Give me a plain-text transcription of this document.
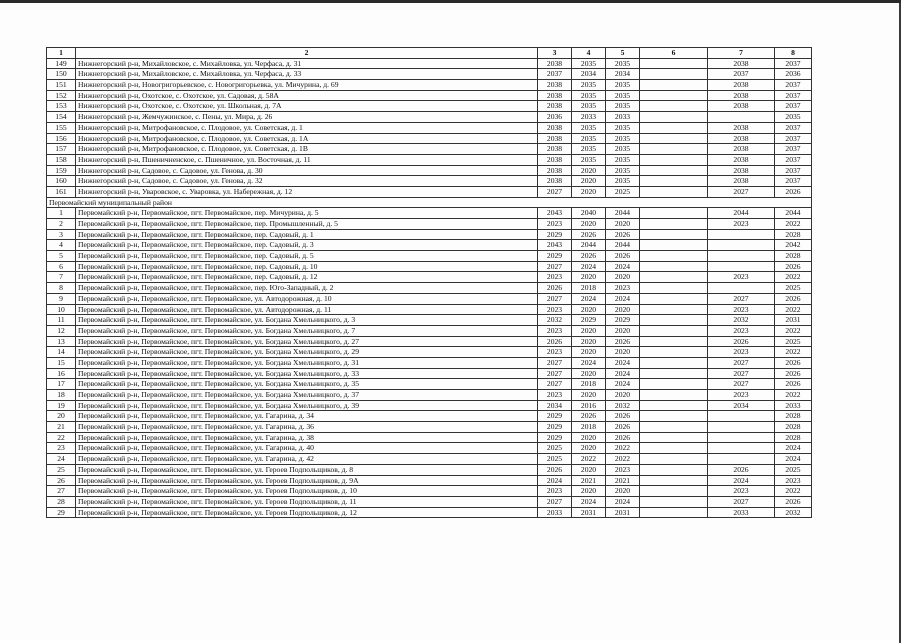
1	2	3	4	5	6	7	8
149	Нижнегорский р-н, Михайловское, с. Михайловка, ул. Черфаса, д. 31	2038	2035	2035		2038	2037
150	Нижнегорский р-н, Михайловское, с. Михайловка, ул. Черфаса, д. 33	2037	2034	2034		2037	2036
151	Нижнегорский р-н, Новогригорьевское, с. Новогригорьевка, ул. Мичурина, д. 69	2038	2035	2035		2038	2037
152	Нижнегорский р-н, Охотское, с. Охотское, ул. Садовая, д. 58А	2038	2035	2035		2038	2037
153	Нижнегорский р-н, Охотское, с. Охотское, ул. Школьная, д. 7А	2038	2035	2035		2038	2037
154	Нижнегорский р-н, Жемчужинское, с. Пены, ул. Мира, д. 26	2036	2033	2033			2035
155	Нижнегорский р-н, Митрофановское, с. Плодовое, ул. Советская, д. 1	2038	2035	2035		2038	2037
156	Нижнегорский р-н, Митрофановское, с. Плодовое, ул. Советская, д. 1А	2038	2035	2035		2038	2037
157	Нижнегорский р-н, Митрофановское, с. Плодовое, ул. Советская, д. 1В	2038	2035	2035		2038	2037
158	Нижнегорский р-н, Пшеничненское, с. Пшеничное, ул. Восточная, д. 11	2038	2035	2035		2038	2037
159	Нижнегорский р-н, Садовое, с. Садовое, ул. Генова, д. 30	2038	2020	2035		2038	2037
160	Нижнегорский р-н, Садовое, с. Садовое, ул. Генова, д. 32	2038	2020	2035		2038	2037
161	Нижнегорский р-н, Уваровское, с. Уваровка, ул. Набережная, д. 12	2027	2020	2025		2027	2026
Первомайский муниципальный район							
1	Первомайский р-н, Первомайское, пгт. Первомайское, пер. Мичурина, д. 5	2043	2040	2044		2044	2044
2	Первомайский р-н, Первомайское, пгт. Первомайское, пер. Промышленный, д. 5	2023	2020	2020		2023	2022
3	Первомайский р-н, Первомайское, пгт. Первомайское, пер. Садовый, д. 1	2029	2026	2026			2028
4	Первомайский р-н, Первомайское, пгт. Первомайское, пер. Садовый, д. 3	2043	2044	2044			2042
5	Первомайский р-н, Первомайское, пгт. Первомайское, пер. Садовый, д. 5	2029	2026	2026			2028
6	Первомайский р-н, Первомайское, пгт. Первомайское, пер. Садовый, д. 10	2027	2024	2024			2026
7	Первомайский р-н, Первомайское, пгт. Первомайское, пер. Садовый, д. 12	2023	2020	2020		2023	2022
8	Первомайский р-н, Первомайское, пгт. Первомайское, пер. Юго-Западный, д. 2	2026	2018	2023			2025
9	Первомайский р-н, Первомайское, пгт. Первомайское, ул. Автодорожная, д. 10	2027	2024	2024		2027	2026
10	Первомайский р-н, Первомайское, пгт. Первомайское, ул. Автодорожная, д. 11	2023	2020	2020		2023	2022
11	Первомайский р-н, Первомайское, пгт. Первомайское, ул. Богдана Хмельницкого, д. 3	2032	2029	2029		2032	2031
12	Первомайский р-н, Первомайское, пгт. Первомайское, ул. Богдана Хмельницкого, д. 7	2023	2020	2020		2023	2022
13	Первомайский р-н, Первомайское, пгт. Первомайское, ул. Богдана Хмельницкого, д. 27	2026	2020	2026		2026	2025
14	Первомайский р-н, Первомайское, пгт. Первомайское, ул. Богдана Хмельницкого, д. 29	2023	2020	2020		2023	2022
15	Первомайский р-н, Первомайское, пгт. Первомайское, ул. Богдана Хмельницкого, д. 31	2027	2024	2024		2027	2026
16	Первомайский р-н, Первомайское, пгт. Первомайское, ул. Богдана Хмельницкого, д. 33	2027	2020	2024		2027	2026
17	Первомайский р-н, Первомайское, пгт. Первомайское, ул. Богдана Хмельницкого, д. 35	2027	2018	2024		2027	2026
18	Первомайский р-н, Первомайское, пгт. Первомайское, ул. Богдана Хмельницкого, д. 37	2023	2020	2020		2023	2022
19	Первомайский р-н, Первомайское, пгт. Первомайское, ул. Богдана Хмельницкого, д. 39	2034	2016	2032		2034	2033
20	Первомайский р-н, Первомайское, пгт. Первомайское, ул. Гагарина, д. 34	2029	2026	2026			2028
21	Первомайский р-н, Первомайское, пгт. Первомайское, ул. Гагарина, д. 36	2029	2018	2026			2028
22	Первомайский р-н, Первомайское, пгт. Первомайское, ул. Гагарина, д. 38	2029	2020	2026			2028
23	Первомайский р-н, Первомайское, пгт. Первомайское, ул. Гагарина, д. 40	2025	2020	2022			2024
24	Первомайский р-н, Первомайское, пгт. Первомайское, ул. Гагарина, д. 42	2025	2022	2022			2024
25	Первомайский р-н, Первомайское, пгт. Первомайское, ул. Героев Подпольщиков, д. 8	2026	2020	2023		2026	2025
26	Первомайский р-н, Первомайское, пгт. Первомайское, ул. Героев Подпольщиков, д. 9А	2024	2021	2021		2024	2023
27	Первомайский р-н, Первомайское, пгт. Первомайское, ул. Героев Подпольщиков, д. 10	2023	2020	2020		2023	2022
28	Первомайский р-н, Первомайское, пгт. Первомайское, ул. Героев Подпольщиков, д. 11	2027	2024	2024		2027	2026
29	Первомайский р-н, Первомайское, пгт. Первомайское, ул. Героев Подпольщиков, д. 12	2033	2031	2031		2033	2032
